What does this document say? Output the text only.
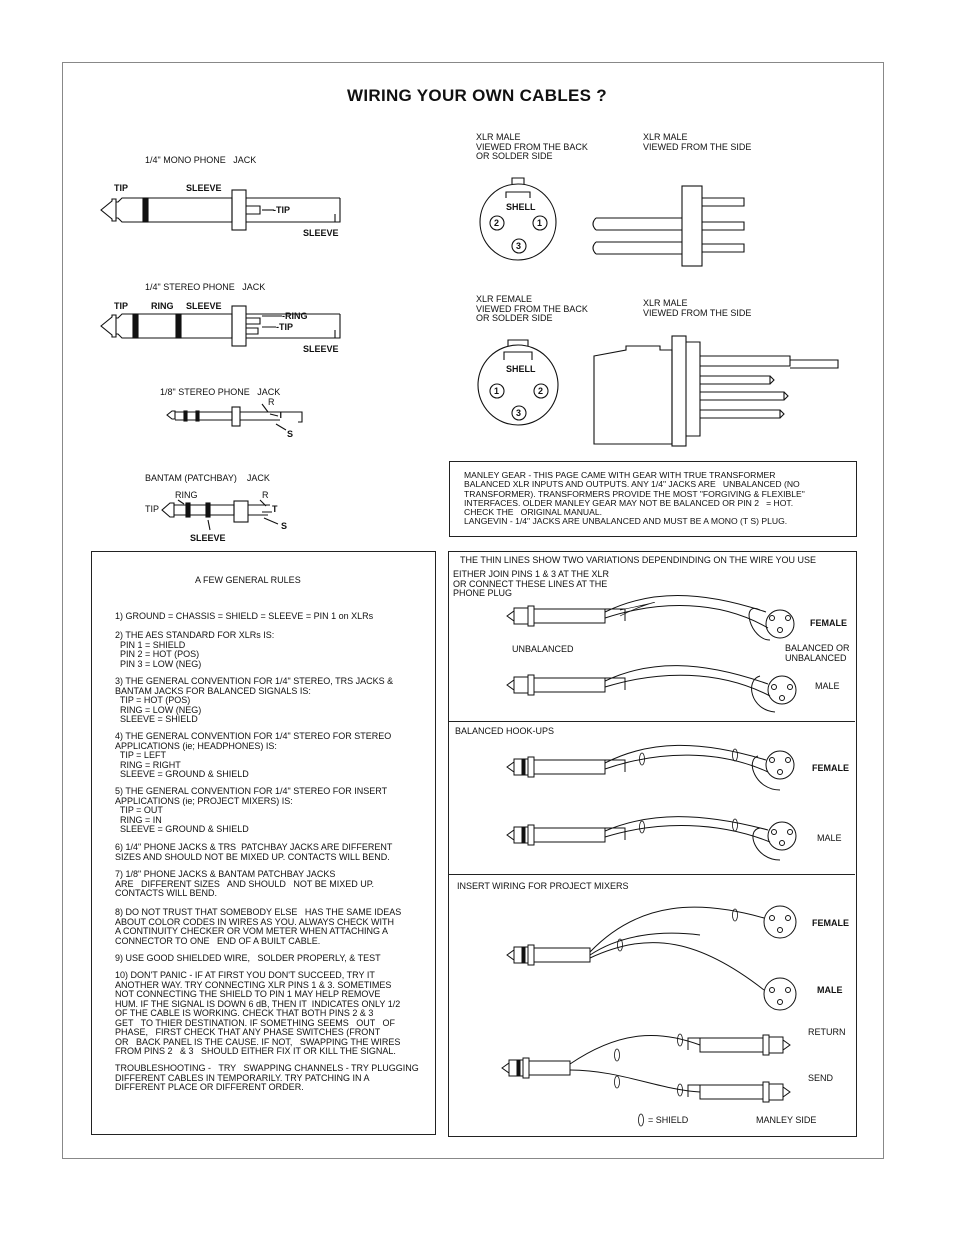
WIRING YOUR OWN CABLES ?
1/4" MONO PHONE   JACK
TIP	SLEEVE
-TIP
SLEEVE
1/4" STEREO PHONE   JACK
TIP	RING SLEEVE
-RING
-TIP
SLEEVE
1/8" STEREO PHONE   JACK
R
T
S
BANTAM (PATCHBAY)    JACK
RING
TIP
R
T
S
SLEEVE
XLR MALE
VIEWED FROM THE BACK
OR SOLDER SIDE
SHELL
2	1
3
XLR MALE
VIEWED FROM THE SIDE
XLR FEMALE
VIEWED FROM THE BACK
OR SOLDER SIDE
SHELL
1	2
3
XLR MALE
VIEWED FROM THE SIDE
MANLEY GEAR - THIS PAGE CAME WITH GEAR WITH TRUE TRANSFORMER
BALANCED XLR INPUTS AND OUTPUTS. ANY 1/4" JACKS ARE   UNBALANCED (NO
TRANSFORMER). TRANSFORMERS PROVIDE THE MOST "FORGIVING & FLEXIBLE"
INTERFACES. OLDER MANLEY GEAR MAY NOT BE BALANCED OR PIN 2   = HOT.
CHECK THE   ORIGINAL MANUAL.
LANGEVIN - 1/4" JACKS ARE UNBALANCED AND MUST BE A MONO (T S) PLUG.
A FEW GENERAL RULES
1) GROUND = CHASSIS = SHIELD = SLEEVE = PIN 1 on XLRs
2) THE AES STANDARD FOR XLRs IS:
PIN 1 = SHIELD
PIN 2 = HOT (POS)
PIN 3 = LOW (NEG)
3) THE GENERAL CONVENTION FOR 1/4" STEREO, TRS JACKS &
BANTAM JACKS FOR BALANCED SIGNALS IS:
TIP = HOT (POS)
RING = LOW (NEG)
SLEEVE = SHIELD
4) THE GENERAL CONVENTION FOR 1/4" STEREO FOR STEREO
APPLICATIONS (ie; HEADPHONES) IS:
TIP = LEFT
RING = RIGHT
SLEEVE = GROUND & SHIELD
5) THE GENERAL CONVENTION FOR 1/4" STEREO FOR INSERT
APPLICATIONS (ie; PROJECT MIXERS) IS:
TIP = OUT
RING = IN
SLEEVE = GROUND & SHIELD
6) 1/4" PHONE JACKS & TRS  PATCHBAY JACKS ARE DIFFERENT
SIZES AND SHOULD NOT BE MIXED UP. CONTACTS WILL BEND.
7) 1/8" PHONE JACKS & BANTAM PATCHBAY JACKS
ARE   DIFFERENT SIZES   AND SHOULD   NOT BE MIXED UP.
CONTACTS WILL BEND.
8) DO NOT TRUST THAT SOMEBODY ELSE   HAS THE SAME IDEAS
ABOUT COLOR CODES IN WIRES AS YOU. ALWAYS CHECK WITH
A CONTINUITY CHECKER OR VOM METER WHEN ATTACHING A
CONNECTOR TO ONE   END OF A BUILT CABLE.
9) USE GOOD SHIELDED WIRE,   SOLDER PROPERLY, & TEST
10) DON'T PANIC - IF AT FIRST YOU DON'T SUCCEED, TRY IT
ANOTHER WAY. TRY CONNECTING XLR PINS 1 & 3. SOMETIMES
NOT CONNECTING THE SHIELD TO PIN 1 MAY HELP REMOVE
HUM. IF THE SIGNAL IS DOWN 6 dB, THEN IT  INDICATES ONLY 1/2
OF THE CABLE IS WORKING. CHECK THAT BOTH PINS 2 & 3
GET   TO THIER DESTINATION. IF SOMETHING SEEMS   OUT   OF
PHASE,   FIRST CHECK THAT ANY PHASE SWITCHES (FRONT
OR   BACK PANEL IS THE CAUSE. IF NOT,   SWAPPING THE WIRES
FROM PINS 2   & 3   SHOULD EITHER FIX IT OR KILL THE SIGNAL.
TROUBLESHOOTING -   TRY   SWAPPING CHANNELS - TRY PLUGGING
DIFFERENT CABLES IN TEMPORARILY. TRY PATCHING IN A
DIFFERENT PLACE OR DIFFERENT ORDER.
THE THIN LINES SHOW TWO VARIATIONS DEPENDINDING ON THE WIRE YOU USE
EITHER JOIN PINS 1 & 3 AT THE XLR
OR CONNECT THESE LINES AT THE
PHONE PLUG
FEMALE
UNBALANCED	BALANCED OR
UNBALANCED
MALE
BALANCED HOOK-UPS
FEMALE
MALE
INSERT WIRING FOR PROJECT MIXERS
FEMALE
MALE
RETURN
SEND
= SHIELD	MANLEY SIDE
